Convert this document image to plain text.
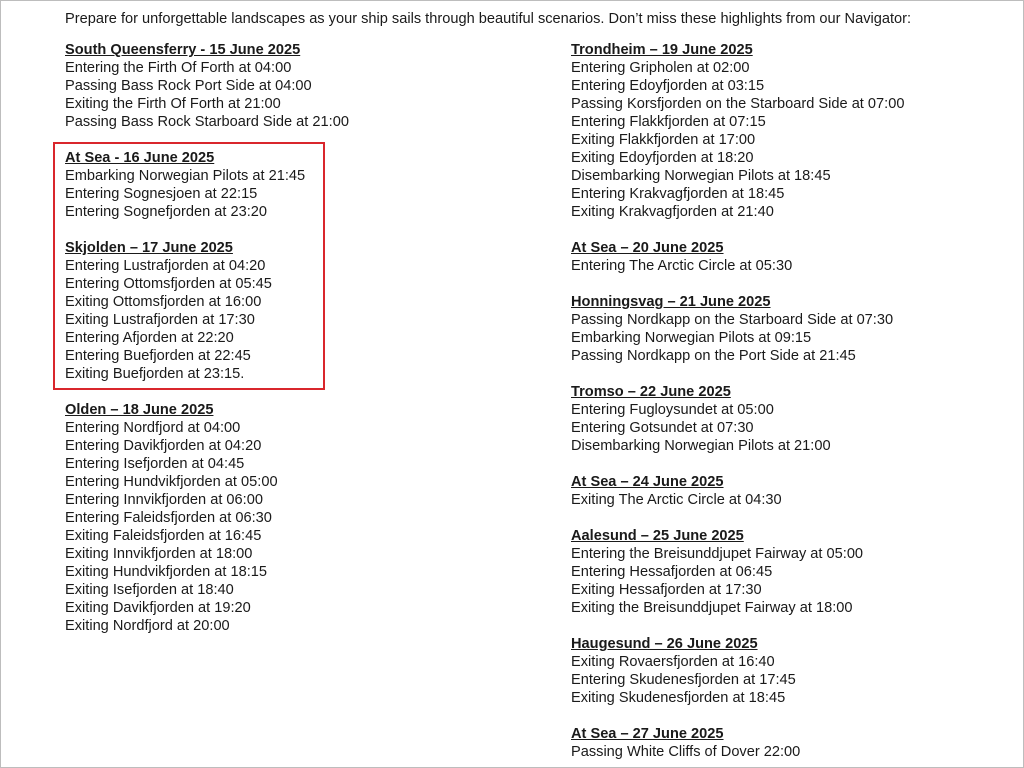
Prepare for unforgettable landscapes as your ship sails through beautiful scenarios. Don’t miss these highlights from our Navigator:

South Queensferry - 15 June 2025
Entering the Firth Of Forth at 04:00
Passing Bass Rock Port Side at 04:00
Exiting the Firth Of Forth at 21:00
Passing Bass Rock Starboard Side at 21:00
At Sea - 16 June 2025
Embarking Norwegian Pilots at 21:45
Entering Sognesjoen at 22:15
Entering Sognefjorden at 23:20
Skjolden – 17 June 2025
Entering Lustrafjorden at 04:20
Entering Ottomsfjorden at 05:45
Exiting Ottomsfjorden at 16:00
Exiting Lustrafjorden at 17:30
Entering Afjorden at 22:20
Entering Buefjorden at 22:45
Exiting Buefjorden at 23:15.
Olden – 18 June 2025
Entering Nordfjord at 04:00
Entering Davikfjorden at 04:20
Entering Isefjorden at 04:45
Entering Hundvikfjorden at 05:00
Entering Innvikfjorden at 06:00
Entering Faleidsfjorden at 06:30
Exiting Faleidsfjorden at 16:45
Exiting Innvikfjorden at 18:00
Exiting Hundvikfjorden at 18:15
Exiting Isefjorden at 18:40
Exiting Davikfjorden at 19:20
Exiting Nordfjord at 20:00
Trondheim – 19 June 2025
Entering Gripholen at 02:00
Entering Edoyfjorden at 03:15
Passing Korsfjorden on the Starboard Side at 07:00
Entering Flakkfjorden at 07:15
Exiting Flakkfjorden at 17:00
Exiting Edoyfjorden at 18:20
Disembarking Norwegian Pilots at 18:45
Entering Krakvagfjorden at 18:45
Exiting Krakvagfjorden at 21:40
At Sea – 20 June 2025
Entering The Arctic Circle at 05:30
Honningsvag – 21 June 2025
Passing Nordkapp on the Starboard Side at 07:30
Embarking Norwegian Pilots at 09:15
Passing Nordkapp on the Port Side at 21:45
Tromso – 22 June 2025
Entering Fugloysundet at 05:00
Entering Gotsundet at 07:30
Disembarking Norwegian Pilots at 21:00
At Sea – 24 June 2025
Exiting The Arctic Circle at 04:30
Aalesund – 25 June 2025
Entering the Breisunddjupet Fairway at 05:00
Entering Hessafjorden at 06:45
Exiting Hessafjorden at 17:30
Exiting the Breisunddjupet Fairway at 18:00
Haugesund – 26 June 2025
Exiting Rovaersfjorden at 16:40
Entering Skudenesfjorden at 17:45
Exiting Skudenesfjorden at 18:45
At Sea – 27 June 2025
Passing White Cliffs of Dover 22:00
